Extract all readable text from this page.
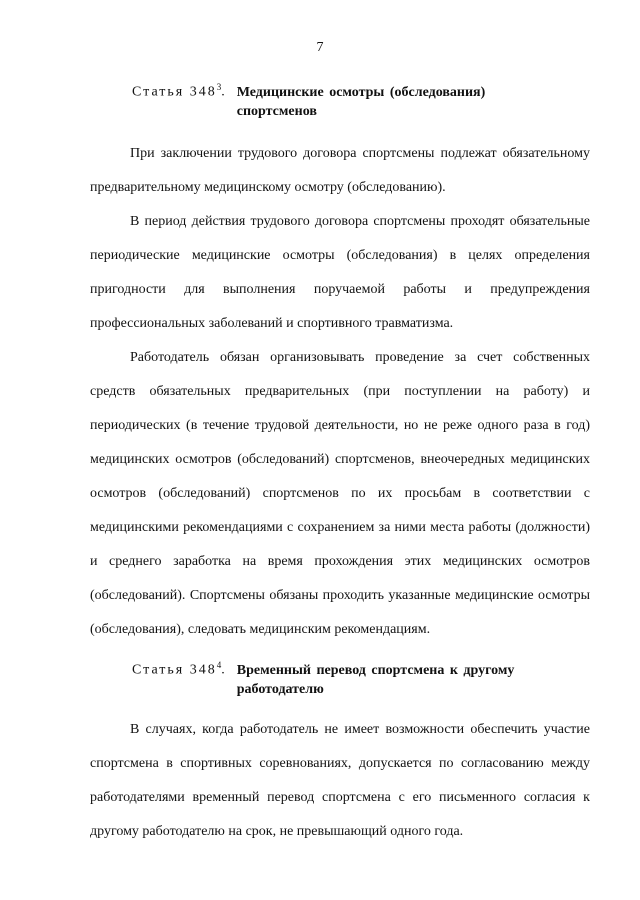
7
Статья $348^3$. Медицинские осмотры (обследования) спортсменов

При заключении трудового договора спортсмены подлежат обязательному предварительному медицинскому осмотру (обследованию).

В период действия трудового договора спортсмены проходят обязательные периодические медицинские осмотры (обследования) в целях определения пригодности для выполнения поручаемой работы и предупреждения профессиональных заболеваний и спортивного травматизма.

Работодатель обязан организовывать проведение за счет собственных средств обязательных предварительных (при поступлении на работу) и периодических (в течение трудовой деятельности, но не реже одного раза в год) медицинских осмотров (обследований) спортсменов, внеочередных медицинских осмотров (обследований) спортсменов по их просьбам в соответствии с медицинскими рекомендациями с сохранением за ними места работы (должности) и среднего заработка на время прохождения этих медицинских осмотров (обследований). Спортсмены обязаны проходить указанные медицинские осмотры (обследования), следовать медицинским рекомендациям.

Статья $348^4$. Временный перевод спортсмена к другому работодателю

В случаях, когда работодатель не имеет возможности обеспечить участие спортсмена в спортивных соревнованиях, допускается по согласованию между работодателями временный перевод спортсмена с его письменного согласия к другому работодателю на срок, не превышающий одного года.
